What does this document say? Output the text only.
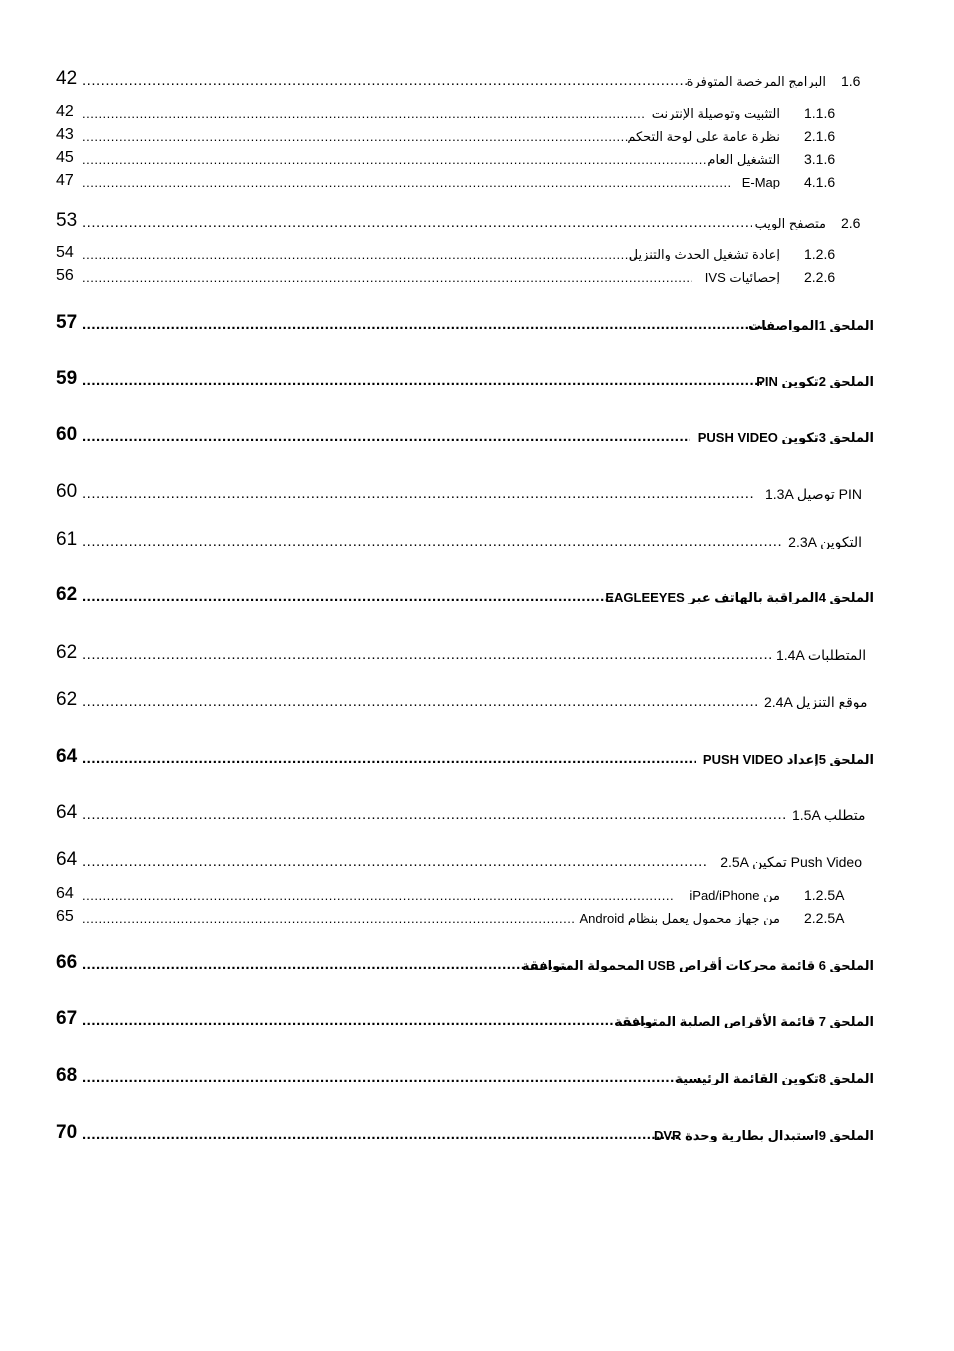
42 .....	البرامج المرخصة المتوفرة 1.6
42 .....	التثبيت وتوصيلة الإنترنت 1.1.6
43 .....	نظرة عامة على لوحة التحكم 2.1.6
45 .....	التشغيل العام 3.1.6
47 .....	E-Map 4.1.6
53 .....	متصفح الويب 2.6
54 .....	إعادة تشغيل الحدث والتنزيل 1.2.6
56 .....	إحصائيات IVS 2.2.6
57 .....	الملحق 1المواصفات
59 .....	الملحق 2تكوين PIN
60 .....	الملحق 3تكوين PUSH VIDEO
60 .....	1.3A توصيل PIN
61 .....	2.3A التكوين
62 .....	الملحق 4المراقبة بالهاتف عبر EAGLEEYES
62 .....	1.4A المتطلبات
62 .....	2.4A موقع التنزيل
64 .....	الملحق 5إعداد PUSH VIDEO
64 .....	1.5A متطلب
64 .....	2.5A تمكين Push Video
64 .....	من iPad/iPhone 1.2.5A
65 .....	من جهاز محمول يعمل بنظام Android 2.2.5A
66 .....	الملحق 6 قائمة محركات أقراص USB المحمولة المتوافقة
67 .....	الملحق 7 قائمة الأقراص الصلبة المتوافقة
68 .....	الملحق 8تكوين القائمة الرئيسية
70 .....	الملحق 9استبدال بطارية وحدة DVR
